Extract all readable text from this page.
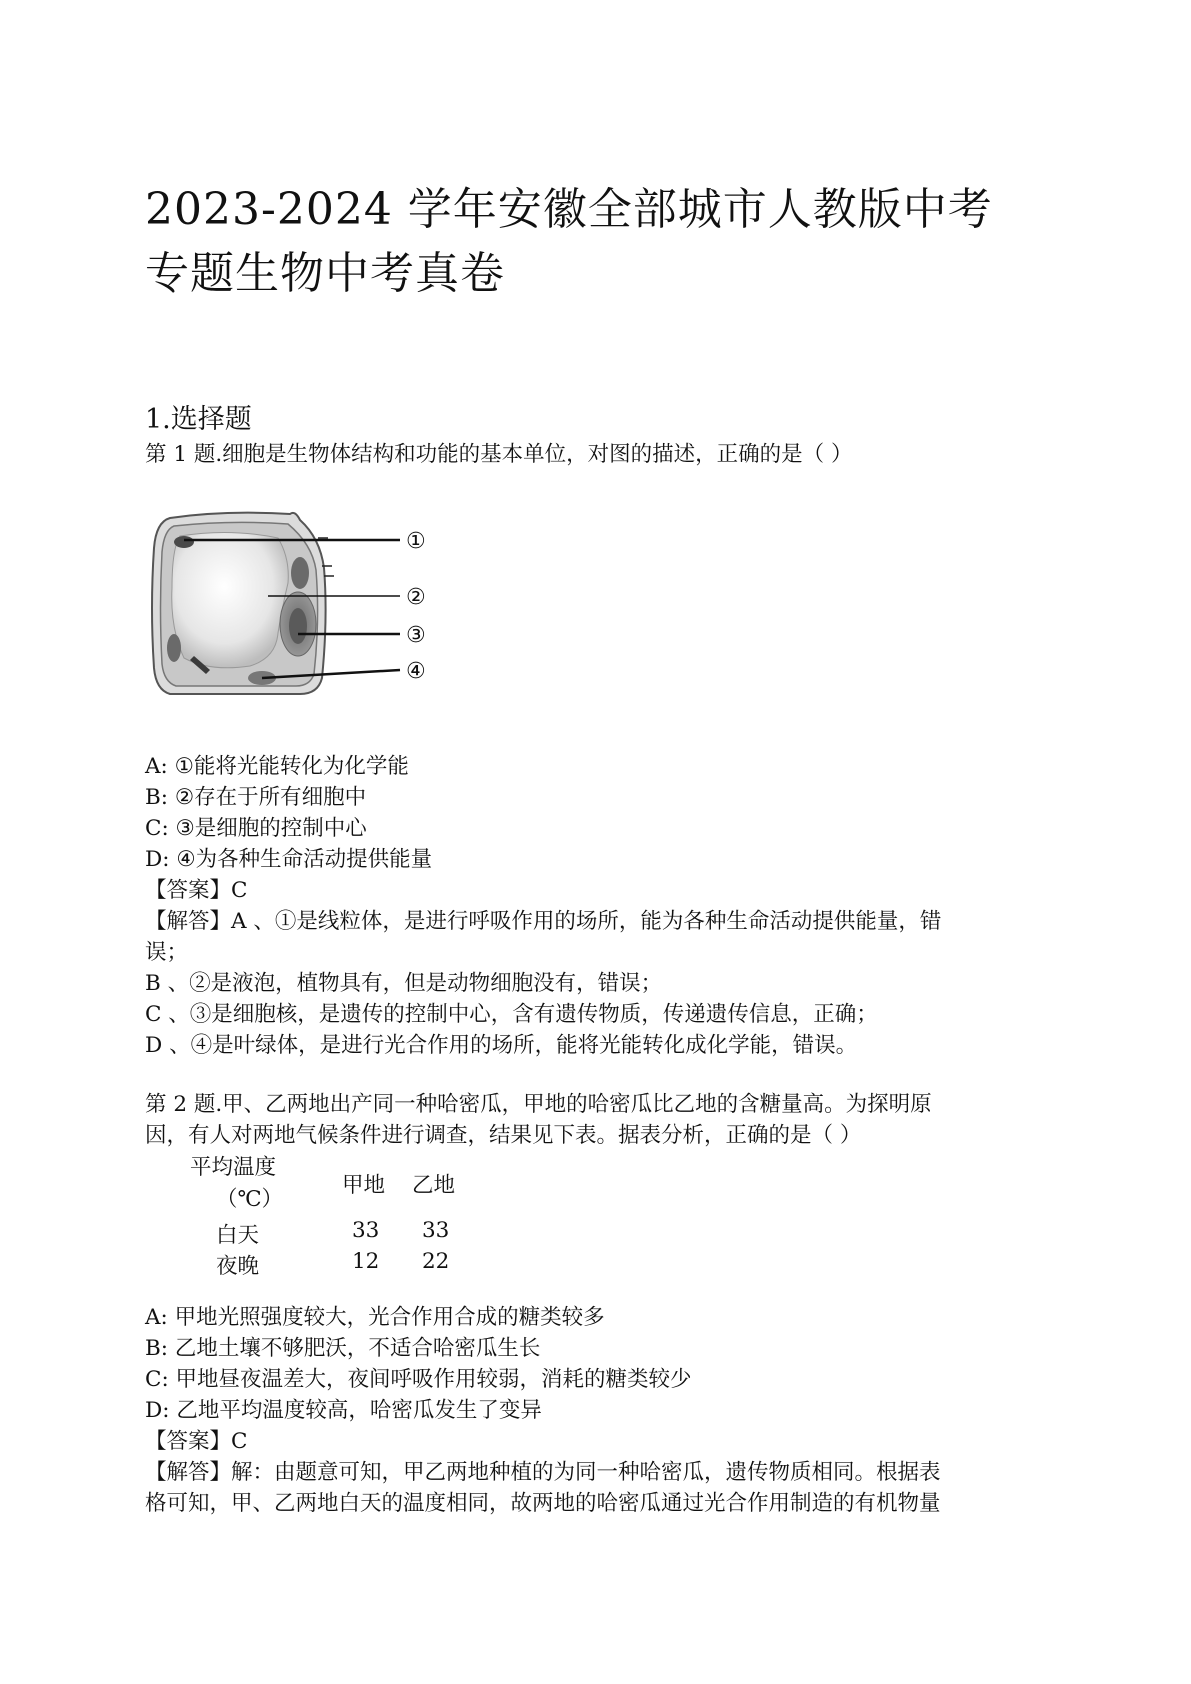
2023-2024 学年安徽全部城市人教版中考
专题生物中考真卷
1.选择题
第 1 题.细胞是生物体结构和功能的基本单位，对图的描述，正确的是（ ）
①
②
③
④
A: ①能将光能转化为化学能
B: ②存在于所有细胞中
C: ③是细胞的控制中心
D: ④为各种生命活动提供能量
【答案】C
【解答】A 、①是线粒体，是进行呼吸作用的场所，能为各种生命活动提供能量，错
误；
B 、②是液泡，植物具有，但是动物细胞没有，错误；
C 、③是细胞核，是遗传的控制中心，含有遗传物质，传递遗传信息，正确；
D 、④是叶绿体，是进行光合作用的场所，能将光能转化成化学能，错误。
第 2 题.甲、乙两地出产同一种哈密瓜，甲地的哈密瓜比乙地的含糖量高。为探明原
因，有人对两地气候条件进行调查，结果见下表。据表分析，正确的是（ ）
平均温度
（℃）
甲地 乙地
白天	33 33
夜晚	12 22
A: 甲地光照强度较大，光合作用合成的糖类较多
B: 乙地土壤不够肥沃，不适合哈密瓜生长
C: 甲地昼夜温差大，夜间呼吸作用较弱，消耗的糖类较少
D: 乙地平均温度较高，哈密瓜发生了变异
【答案】C
【解答】解：由题意可知，甲乙两地种植的为同一种哈密瓜，遗传物质相同。根据表
格可知，甲、乙两地白天的温度相同，故两地的哈密瓜通过光合作用制造的有机物量
